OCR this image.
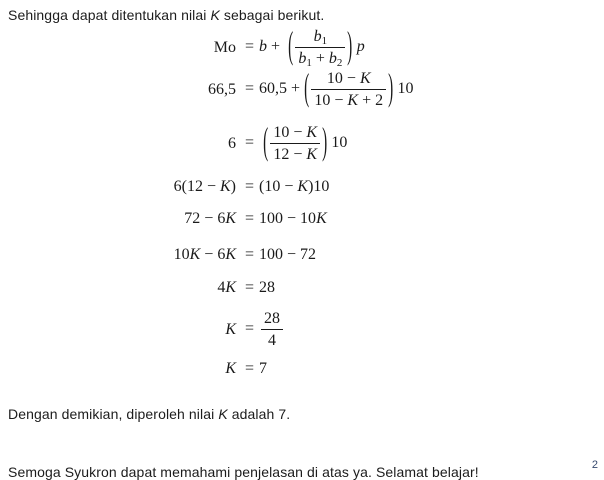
Sehingga dapat ditentukan nilai K sebagai berikut.

Mo = b + ( $\frac{b_1}{b_1 + b_2}$ ) p
66,5 = 60,5 + ( $\frac{10 - K}{10 - K + 2}$ ) 10
6 = ( $\frac{10 - K}{12 - K}$ ) 10
6(12 − K) = (10 − K)10
72 − 6K = 100 − 10K
10K − 6K = 100 − 72
4K = 28
$K = \frac{28}{4}$
K = 7

Dengan demikian, diperoleh nilai K adalah 7.

Semoga Syukron dapat memahami penjelasan di atas ya. Selamat belajar!	2
